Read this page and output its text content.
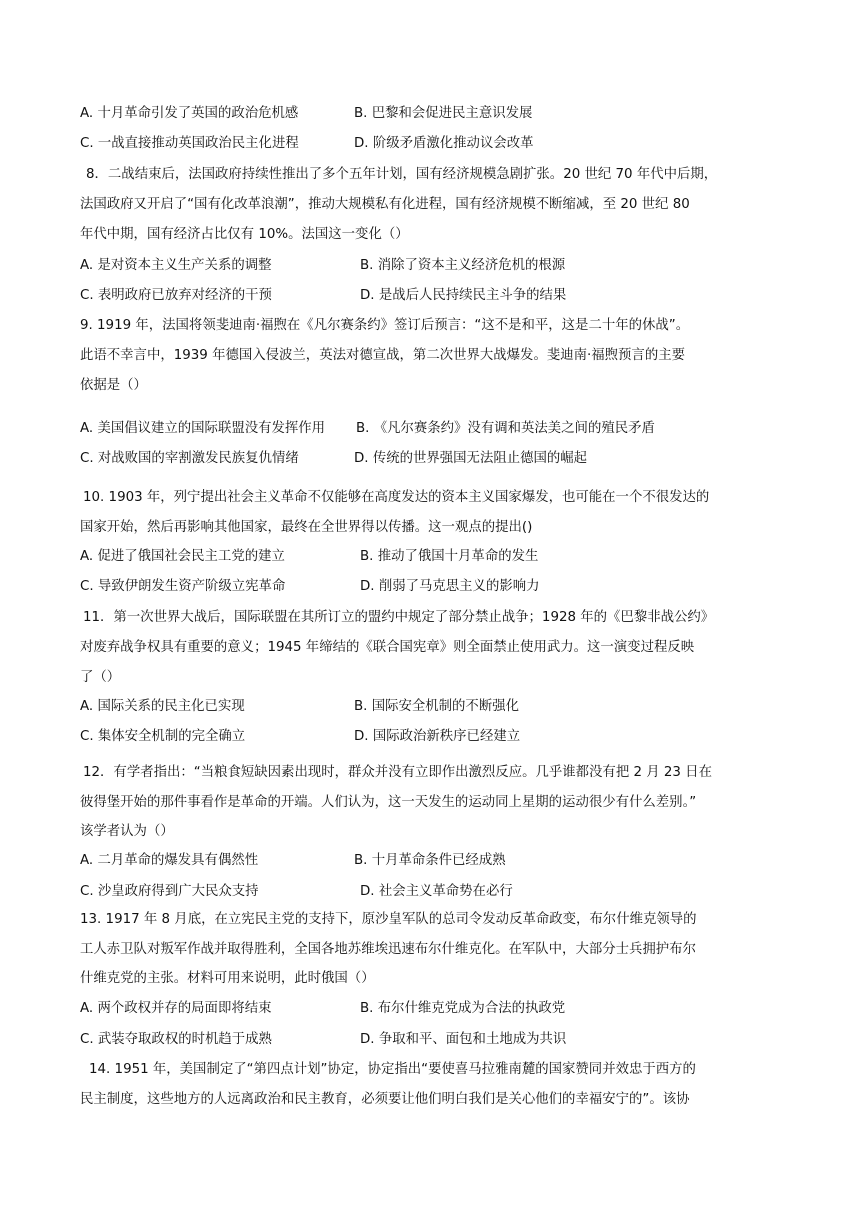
A. 十月革命引发了英国的政治危机感	B. 巴黎和会促进民主意识发展
C. 一战直接推动英国政治民主化进程	D. 阶级矛盾激化推动议会改革
8．二战结束后，法国政府持续性推出了多个五年计划，国有经济规模急剧扩张。20 世纪 70 年代中后期，
法国政府又开启了“国有化改革浪潮”，推动大规模私有化进程，国有经济规模不断缩减，至 20 世纪 80
年代中期，国有经济占比仅有 10%。法国这一变化（）
A. 是对资本主义生产关系的调整	B. 消除了资本主义经济危机的根源
C. 表明政府已放弃对经济的干预	D. 是战后人民持续民主斗争的结果
9. 1919 年，法国将领斐迪南·福煦在《凡尔赛条约》签订后预言：“这不是和平，这是二十年的休战”。
此语不幸言中，1939 年德国入侵波兰，英法对德宣战，第二次世界大战爆发。斐迪南·福煦预言的主要
依据是（）
A. 美国倡议建立的国际联盟没有发挥作用 B. 《凡尔赛条约》没有调和英法美之间的殖民矛盾
C. 对战败国的宰割激发民族复仇情绪	D. 传统的世界强国无法阻止德国的崛起
10. 1903 年，列宁提出社会主义革命不仅能够在高度发达的资本主义国家爆发，也可能在一个不很发达的
国家开始，然后再影响其他国家，最终在全世界得以传播。这一观点的提出()
A. 促进了俄国社会民主工党的建立	B. 推动了俄国十月革命的发生
C. 导致伊朗发生资产阶级立宪革命	D. 削弱了马克思主义的影响力
11．第一次世界大战后，国际联盟在其所订立的盟约中规定了部分禁止战争；1928 年的《巴黎非战公约》
对废弃战争权具有重要的意义；1945 年缔结的《联合国宪章》则全面禁止使用武力。这一演变过程反映
了（）
A. 国际关系的民主化已实现	B. 国际安全机制的不断强化
C. 集体安全机制的完全确立	D. 国际政治新秩序已经建立
12．有学者指出：“当粮食短缺因素出现时，群众并没有立即作出激烈反应。几乎谁都没有把 2 月 23 日在
彼得堡开始的那件事看作是革命的开端。人们认为，这一天发生的运动同上星期的运动很少有什么差别。”
该学者认为（）
A. 二月革命的爆发具有偶然性	B. 十月革命条件已经成熟
C. 沙皇政府得到广大民众支持	D. 社会主义革命势在必行
13. 1917 年 8 月底，在立宪民主党的支持下，原沙皇军队的总司令发动反革命政变，布尔什维克领导的
工人赤卫队对叛军作战并取得胜利，全国各地苏维埃迅速布尔什维克化。在军队中，大部分士兵拥护布尔
什维克党的主张。材料可用来说明，此时俄国（）
A. 两个政权并存的局面即将结束	B. 布尔什维克党成为合法的执政党
C. 武装夺取政权的时机趋于成熟	D. 争取和平、面包和土地成为共识
14. 1951 年，美国制定了“第四点计划”协定，协定指出“要使喜马拉雅南麓的国家赞同并效忠于西方的
民主制度，这些地方的人远离政治和民主教育，必须要让他们明白我们是关心他们的幸福安宁的”。该协
